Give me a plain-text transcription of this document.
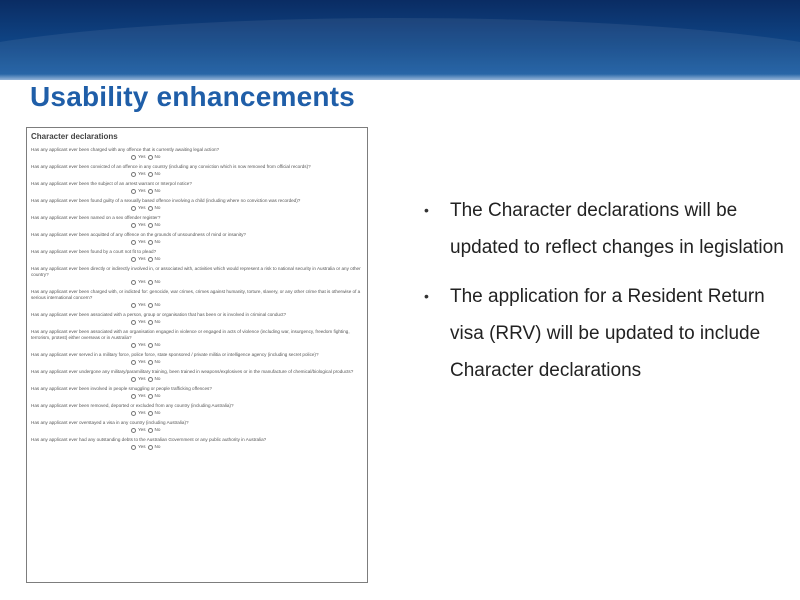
Usability enhancements
Character declarations
Has any applicant ever been charged with any offence that is currently awaiting legal action?
Yes No
Has any applicant ever been convicted of an offence in any country (including any conviction which is now removed from official records)?
Yes No
Has any applicant ever been the subject of an arrest warrant or Interpol notice?
Yes No
Has any applicant ever been found guilty of a sexually based offence involving a child (including where no conviction was recorded)?
Yes No
Has any applicant ever been named on a sex offender register?
Yes No
Has any applicant ever been acquitted of any offence on the grounds of unsoundness of mind or insanity?
Yes No
Has any applicant ever been found by a court not fit to plead?
Yes No
Has any applicant ever been directly or indirectly involved in, or associated with, activities which would represent a risk to national security in Australia or any other country?
Yes No
Has any applicant ever been charged with, or indicted for: genocide, war crimes, crimes against humanity, torture, slavery, or any other crime that is otherwise of a serious international concern?
Yes No
Has any applicant ever been associated with a person, group or organisation that has been or is involved in criminal conduct?
Yes No
Has any applicant ever been associated with an organisation engaged in violence or engaged in acts of violence (including war, insurgency, freedom fighting, terrorism, protest) either overseas or in Australia?
Yes No
Has any applicant ever served in a military force, police force, state sponsored / private militia or intelligence agency (including secret police)?
Yes No
Has any applicant ever undergone any military/paramilitary training, been trained in weapons/explosives or in the manufacture of chemical/biological products?
Yes No
Has any applicant ever been involved in people smuggling or people trafficking offences?
Yes No
Has any applicant ever been removed, deported or excluded from any country (including Australia)?
Yes No
Has any applicant ever overstayed a visa in any country (including Australia)?
Yes No
Has any applicant ever had any outstanding debts to the Australian Government or any public authority in Australia?
Yes No
• The Character declarations will be updated to reflect changes in legislation
• The application for a Resident Return visa (RRV) will be updated to include Character declarations
